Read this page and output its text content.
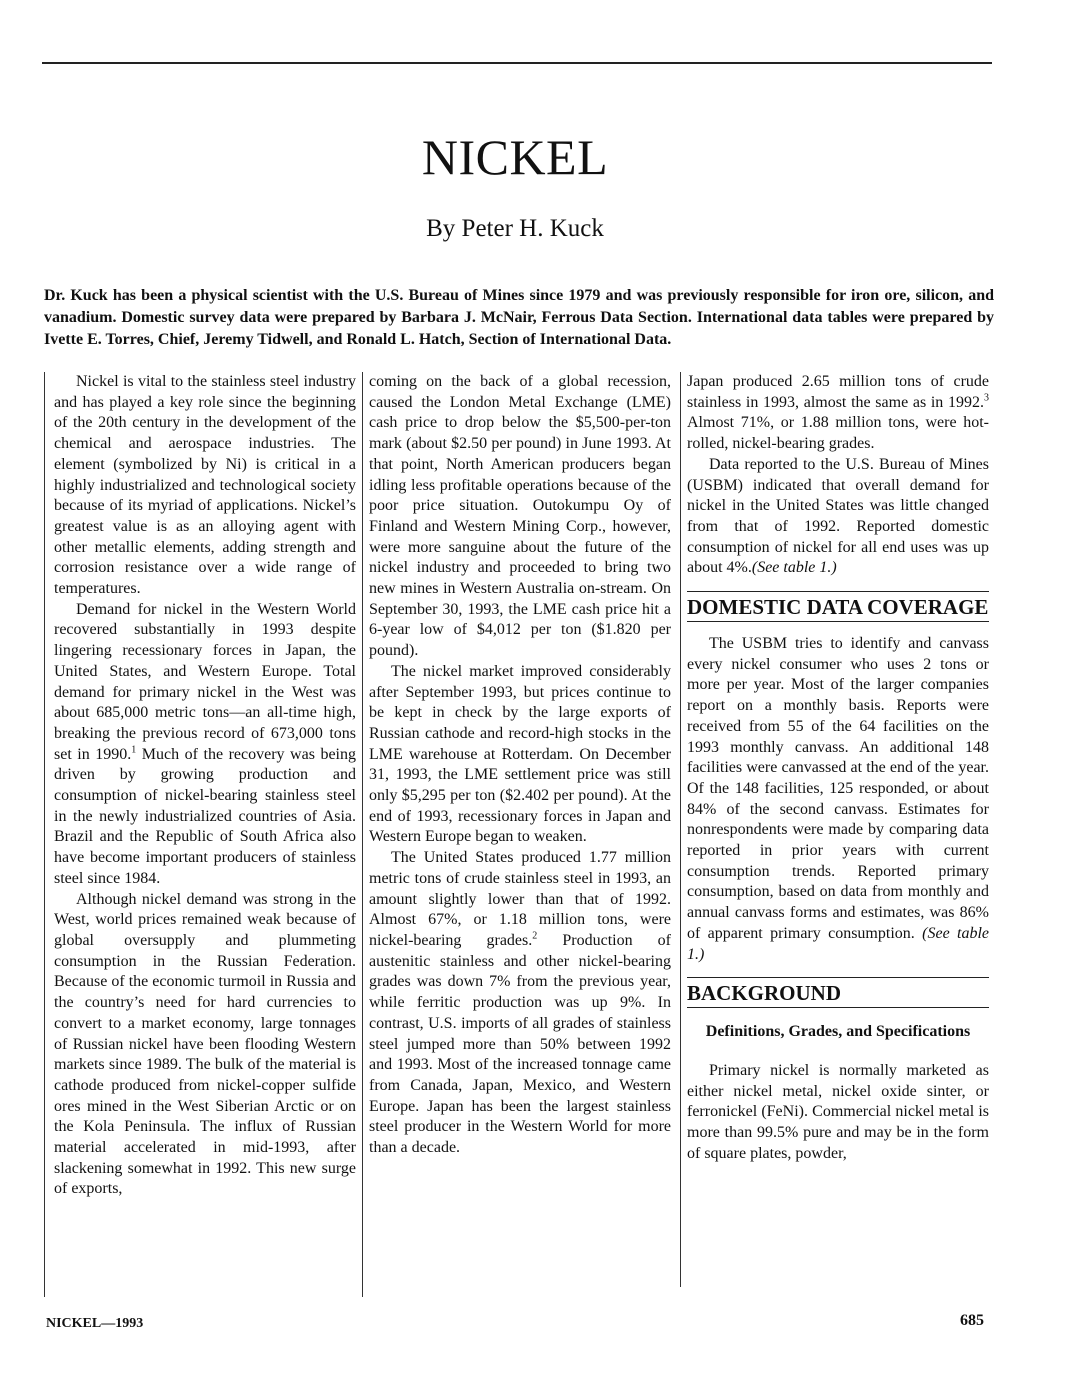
NICKEL
By Peter H. Kuck
Dr. Kuck has been a physical scientist with the U.S. Bureau of Mines since 1979 and was previously responsible for iron ore, silicon, and vanadium. Domestic survey data were prepared by Barbara J. McNair, Ferrous Data Section. International data tables were prepared by Ivette E. Torres, Chief, Jeremy Tidwell, and Ronald L. Hatch, Section of International Data.

Nickel is vital to the stainless steel industry and has played a key role since the beginning of the 20th century in the development of the chemical and aerospace industries. The element (symbolized by Ni) is critical in a highly industrialized and technological society because of its myriad of applications. Nickel’s greatest value is as an alloying agent with other metallic elements, adding strength and corrosion resistance over a wide range of temperatures.

Demand for nickel in the Western World recovered substantially in 1993 despite lingering recessionary forces in Japan, the United States, and Western Europe. Total demand for primary nickel in the West was about 685,000 metric tons—an all-time high, breaking the previous record of 673,000 tons set in 1990.$^1$ Much of the recovery was being driven by growing production and consumption of nickel-bearing stainless steel in the newly industrialized countries of Asia. Brazil and the Republic of South Africa also have become important producers of stainless steel since 1984.

Although nickel demand was strong in the West, world prices remained weak because of global oversupply and plummeting consumption in the Russian Federation. Because of the economic turmoil in Russia and the country’s need for hard currencies to convert to a market economy, large tonnages of Russian nickel have been flooding Western markets since 1989. The bulk of the material is cathode produced from nickel-copper sulfide ores mined in the West Siberian Arctic or on the Kola Peninsula. The influx of Russian material accelerated in mid-1993, after slackening somewhat in 1992. This new surge of exports,

coming on the back of a global recession, caused the London Metal Exchange (LME) cash price to drop below the $5,500-per-ton mark (about $2.50 per pound) in June 1993. At that point, North American producers began idling less profitable operations because of the poor price situation. Outokumpu Oy of Finland and Western Mining Corp., however, were more sanguine about the future of the nickel industry and proceeded to bring two new mines in Western Australia on-stream. On September 30, 1993, the LME cash price hit a 6-year low of $4,012 per ton ($1.820 per pound).

The nickel market improved considerably after September 1993, but prices continue to be kept in check by the large exports of Russian cathode and record-high stocks in the LME warehouse at Rotterdam. On December 31, 1993, the LME settlement price was still only $5,295 per ton ($2.402 per pound). At the end of 1993, recessionary forces in Japan and Western Europe began to weaken.

The United States produced 1.77 million metric tons of crude stainless steel in 1993, an amount slightly lower than that of 1992. Almost 67%, or 1.18 million tons, were nickel-bearing grades.$^2$ Production of austenitic stainless and other nickel-bearing grades was down 7% from the previous year, while ferritic production was up 9%. In contrast, U.S. imports of all grades of stainless steel jumped more than 50% between 1992 and 1993. Most of the increased tonnage came from Canada, Japan, Mexico, and Western Europe. Japan has been the largest stainless steel producer in the Western World for more than a decade.

Japan produced 2.65 million tons of crude stainless in 1993, almost the same as in 1992.$^3$ Almost 71%, or 1.88 million tons, were hot-rolled, nickel-bearing grades.

Data reported to the U.S. Bureau of Mines (USBM) indicated that overall demand for nickel in the United States was little changed from that of 1992. Reported domestic consumption of nickel for all end uses was up about 4%.(See table 1.)

DOMESTIC DATA COVERAGE

The USBM tries to identify and canvass every nickel consumer who uses 2 tons or more per year. Most of the larger companies report on a monthly basis. Reports were received from 55 of the 64 facilities on the 1993 monthly canvass. An additional 148 facilities were canvassed at the end of the year. Of the 148 facilities, 125 responded, or about 84% of the second canvass. Estimates for nonrespondents were made by comparing data reported in prior years with current consumption trends. Reported primary consumption, based on data from monthly and annual canvass forms and estimates, was 86% of apparent primary consumption. (See table 1.)

BACKGROUND
Definitions, Grades, and Specifications

Primary nickel is normally marketed as either nickel metal, nickel oxide sinter, or ferronickel (FeNi). Commercial nickel metal is more than 99.5% pure and may be in the form of square plates, powder,

NICKEL—1993	685
